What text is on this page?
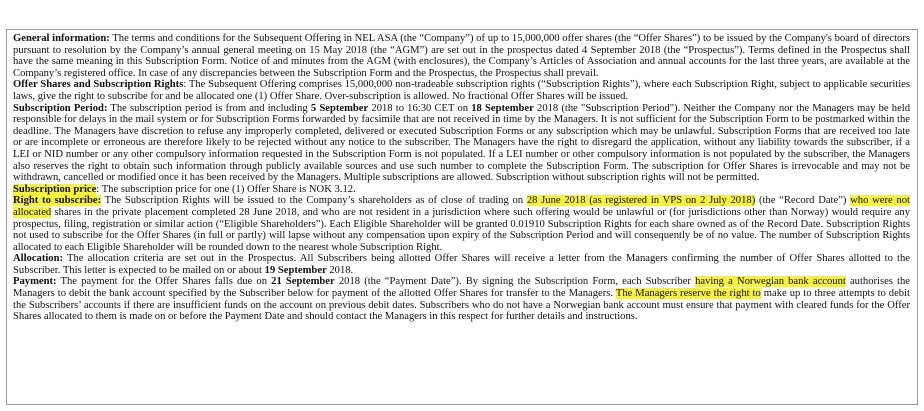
General information: The terms and conditions for the Subsequent Offering in NEL ASA (the “Company”) of up to 15,000,000 offer shares (the “Offer Shares”) to be issued by the Company's board of directors pursuant to resolution by the Company’s annual general meeting on 15 May 2018 (the “AGM”) are set out in the prospectus dated 4 September 2018 (the “Prospectus”). Terms defined in the Prospectus shall have the same meaning in this Subscription Form. Notice of and minutes from the AGM (with enclosures), the Company’s Articles of Association and annual accounts for the last three years, are available at the Company’s registered office. In case of any discrepancies between the Subscription Form and the Prospectus, the Prospectus shall prevail.

Offer Shares and Subscription Rights: The Subsequent Offering comprises 15,000,000 non-tradeable subscription rights (“Subscription Rights”), where each Subscription Right, subject to applicable securities laws, give the right to subscribe for and be allocated one (1) Offer Share. Over-subscription is allowed. No fractional Offer Shares will be issued.

Subscription Period: The subscription period is from and including 5 September 2018 to 16:30 CET on 18 September 2018 (the "Subscription Period"). Neither the Company nor the Managers may be held responsible for delays in the mail system or for Subscription Forms forwarded by facsimile that are not received in time by the Managers. It is not sufficient for the Subscription Form to be postmarked within the deadline. The Managers have discretion to refuse any improperly completed, delivered or executed Subscription Forms or any subscription which may be unlawful. Subscription Forms that are received too late or are incomplete or erroneous are therefore likely to be rejected without any notice to the subscriber. The Managers have the right to disregard the application, without any liability towards the subscriber, if a LEI or NID number or any other compulsory information requested in the Subscription Form is not populated. If a LEI number or other compulsory information is not populated by the subscriber, the Managers also reserves the right to obtain such information through publicly available sources and use such number to complete the Subscription Form. The subscription for Offer Shares is irrevocable and may not be withdrawn, cancelled or modified once it has been received by the Managers. Multiple subscriptions are allowed. Subscription without subscription rights will not be permitted.

Subscription price: The subscription price for one (1) Offer Share is NOK 3.12.

Right to subscribe: The Subscription Rights will be issued to the Company’s shareholders as of close of trading on 28 June 2018 (as registered in VPS on 2 July 2018) (the “Record Date”) who were not allocated shares in the private placement completed 28 June 2018, and who are not resident in a jurisdiction where such offering would be unlawful or (for jurisdictions other than Norway) would require any prospectus, filing, registration or similar action (“Eligible Shareholders”). Each Eligible Shareholder will be granted 0.01910 Subscription Rights for each share owned as of the Record Date. Subscription Rights not used to subscribe for the Offer Shares (in full or partly) will lapse without any compensation upon expiry of the Subscription Period and will consequently be of no value. The number of Subscription Rights allocated to each Eligible Shareholder will be rounded down to the nearest whole Subscription Right.

Allocation: The allocation criteria are set out in the Prospectus. All Subscribers being allotted Offer Shares will receive a letter from the Managers confirming the number of Offer Shares allotted to the Subscriber. This letter is expected to be mailed on or about 19 September 2018.

Payment: The payment for the Offer Shares falls due on 21 September 2018 (the “Payment Date”). By signing the Subscription Form, each Subscriber having a Norwegian bank account authorises the Managers to debit the bank account specified by the Subscriber below for payment of the allotted Offer Shares for transfer to the Managers. The Managers reserve the right to make up to three attempts to debit the Subscribers’ accounts if there are insufficient funds on the account on previous debit dates. Subscribers who do not have a Norwegian bank account must ensure that payment with cleared funds for the Offer Shares allocated to them is made on or before the Payment Date and should contact the Managers in this respect for further details and instructions.
